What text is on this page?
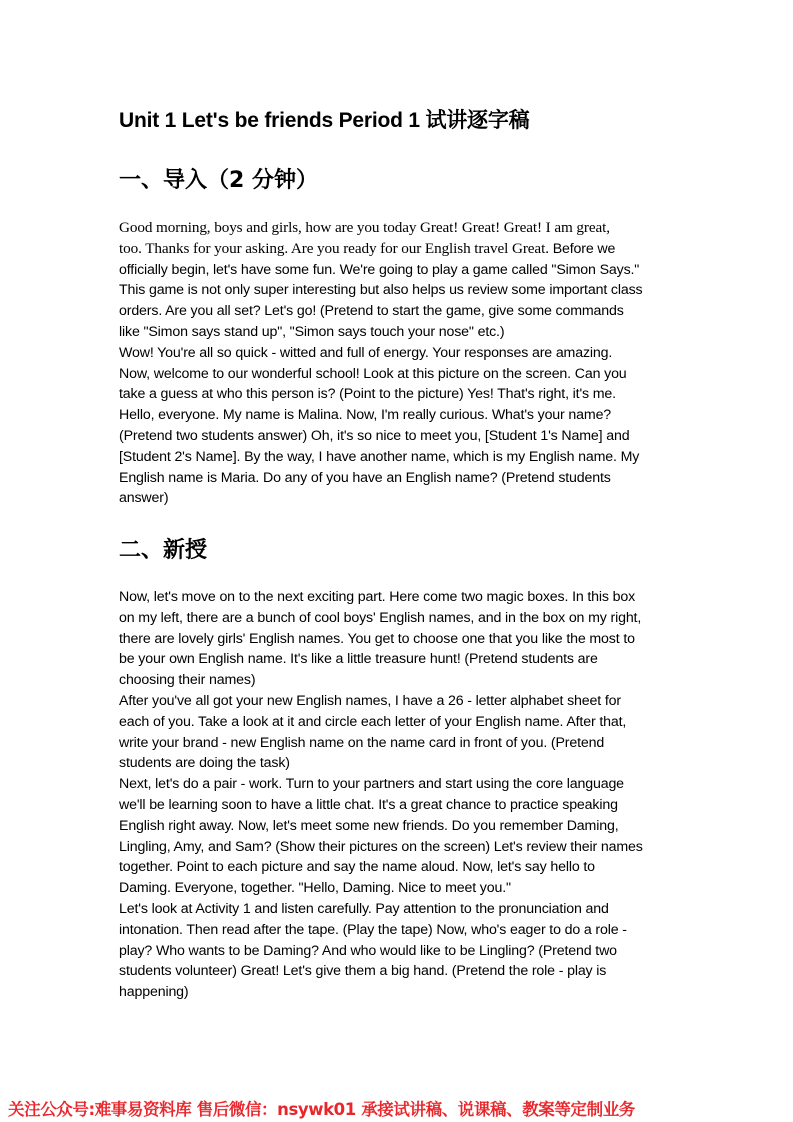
Unit 1 Let's be friends Period 1 试讲逐字稿
一、导入（2 分钟）
Good morning, boys and girls, how are you today Great! Great! Great! I am great,
too. Thanks for your asking. Are you ready for our English travel Great. Before we
officially begin, let's have some fun. We're going to play a game called "Simon Says."
This game is not only super interesting but also helps us review some important class
orders. Are you all set? Let's go! (Pretend to start the game, give some commands
like "Simon says stand up", "Simon says touch your nose" etc.)
Wow! You're all so quick - witted and full of energy. Your responses are amazing.
Now, welcome to our wonderful school! Look at this picture on the screen. Can you
take a guess at who this person is? (Point to the picture) Yes! That's right, it's me.
Hello, everyone. My name is Malina. Now, I'm really curious. What's your name?
(Pretend two students answer) Oh, it's so nice to meet you, [Student 1's Name] and
[Student 2's Name]. By the way, I have another name, which is my English name. My
English name is Maria. Do any of you have an English name? (Pretend students
answer)
二、新授
Now, let's move on to the next exciting part. Here come two magic boxes. In this box
on my left, there are a bunch of cool boys' English names, and in the box on my right,
there are lovely girls' English names. You get to choose one that you like the most to
be your own English name. It's like a little treasure hunt! (Pretend students are
choosing their names)
After you've all got your new English names, I have a 26 - letter alphabet sheet for
each of you. Take a look at it and circle each letter of your English name. After that,
write your brand - new English name on the name card in front of you. (Pretend
students are doing the task)
Next, let's do a pair - work. Turn to your partners and start using the core language
we'll be learning soon to have a little chat. It's a great chance to practice speaking
English right away. Now, let's meet some new friends. Do you remember Daming,
Lingling, Amy, and Sam? (Show their pictures on the screen) Let's review their names
together. Point to each picture and say the name aloud. Now, let's say hello to
Daming. Everyone, together. "Hello, Daming. Nice to meet you."
Let's look at Activity 1 and listen carefully. Pay attention to the pronunciation and
intonation. Then read after the tape. (Play the tape) Now, who's eager to do a role -
play? Who wants to be Daming? And who would like to be Lingling? (Pretend two
students volunteer) Great! Let's give them a big hand. (Pretend the role - play is
happening)
关注公众号:难事易资料库 售后微信：nsywk01 承接试讲稿、说课稿、教案等定制业务
